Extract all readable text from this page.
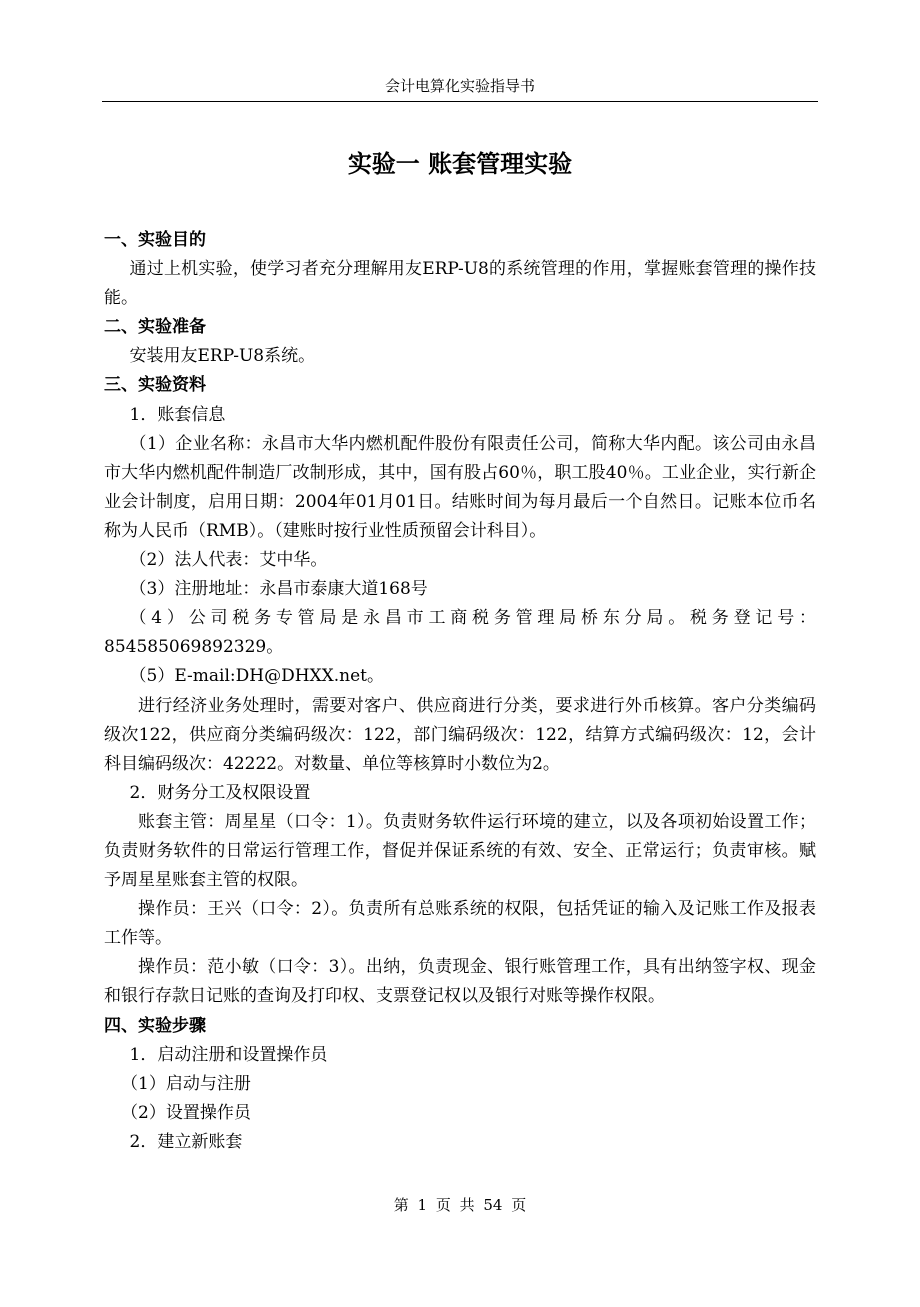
会计电算化实验指导书
实验一 账套管理实验

一、实验目的

通过上机实验，使学习者充分理解用友ERP-U8的系统管理的作用，掌握账套管理的操作技能。

二、实验准备

安装用友ERP-U8系统。

三、实验资料

1．账套信息

（1）企业名称：永昌市大华内燃机配件股份有限责任公司，简称大华内配。该公司由永昌市大华内燃机配件制造厂改制形成，其中，国有股占60％，职工股40％。工业企业，实行新企业会计制度，启用日期：2004年01月01日。结账时间为每月最后一个自然日。记账本位币名称为人民币（RMB）。（建账时按行业性质预留会计科目）。

（2）法人代表：艾中华。

（3）注册地址：永昌市泰康大道168号

（4）公司税务专管局是永昌市工商税务管理局桥东分局。税务登记号：854585069892329。

（5）E-mail:DH@DHXX.net。

进行经济业务处理时，需要对客户、供应商进行分类，要求进行外币核算。客户分类编码级次122，供应商分类编码级次：122，部门编码级次：122，结算方式编码级次：12，会计科目编码级次：42222。对数量、单位等核算时小数位为2。

2．财务分工及权限设置

账套主管：周星星（口令：1）。负责财务软件运行环境的建立，以及各项初始设置工作；负责财务软件的日常运行管理工作，督促并保证系统的有效、安全、正常运行；负责审核。赋予周星星账套主管的权限。

操作员：王兴（口令：2）。负责所有总账系统的权限，包括凭证的输入及记账工作及报表工作等。

操作员：范小敏（口令：3）。出纳，负责现金、银行账管理工作，具有出纳签字权、现金和银行存款日记账的查询及打印权、支票登记权以及银行对账等操作权限。

四、实验步骤

1．启动注册和设置操作员

（1）启动与注册

（2）设置操作员

2．建立新账套

第 1 页 共 54 页
